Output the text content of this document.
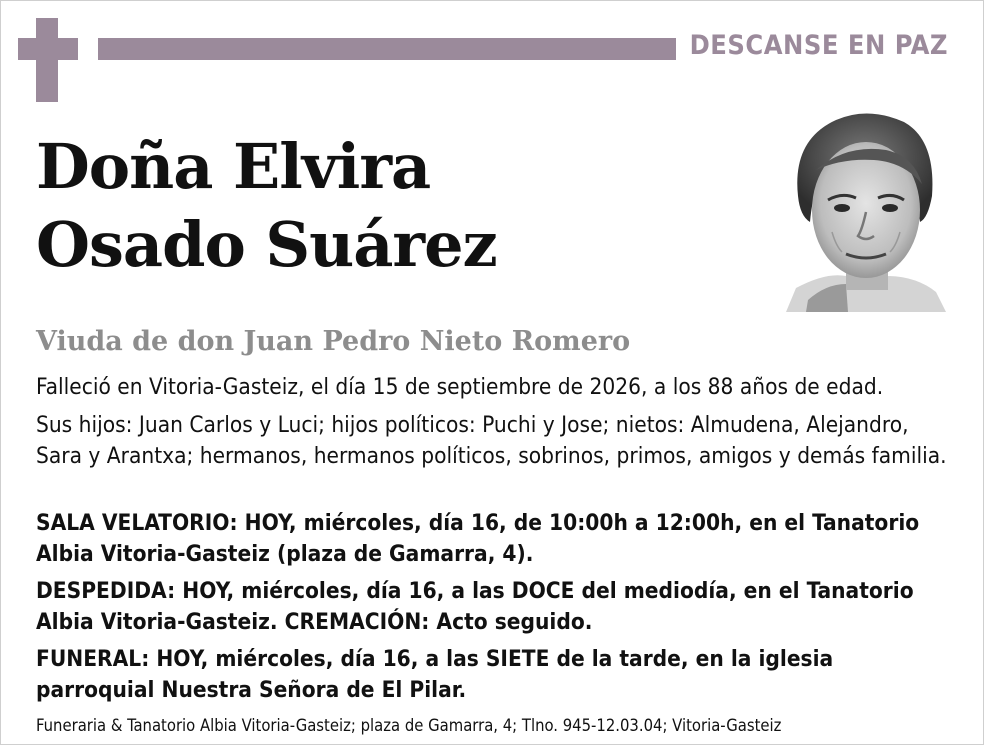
DESCANSE EN PAZ

Doña Elvira
Osado Suárez

Viuda de don Juan Pedro Nieto Romero

Falleció en Vitoria-Gasteiz, el día 15 de septiembre de 2026, a los 88 años de edad.

Sus hijos: Juan Carlos y Luci; hijos políticos: Puchi y Jose; nietos: Almudena, Alejandro, Sara y Arantxa; hermanos, hermanos políticos, sobrinos, primos, amigos y demás familia.

SALA VELATORIO: HOY, miércoles, día 16, de 10:00h a 12:00h, en el Tanatorio Albia Vitoria-Gasteiz (plaza de Gamarra, 4).

DESPEDIDA: HOY, miércoles, día 16, a las DOCE del mediodía, en el Tanatorio Albia Vitoria-Gasteiz. CREMACIÓN: Acto seguido.

FUNERAL: HOY, miércoles, día 16, a las SIETE de la tarde, en la iglesia parroquial Nuestra Señora de El Pilar.

Funeraria & Tanatorio Albia Vitoria-Gasteiz; plaza de Gamarra, 4; Tlno. 945-12.03.04; Vitoria-Gasteiz
